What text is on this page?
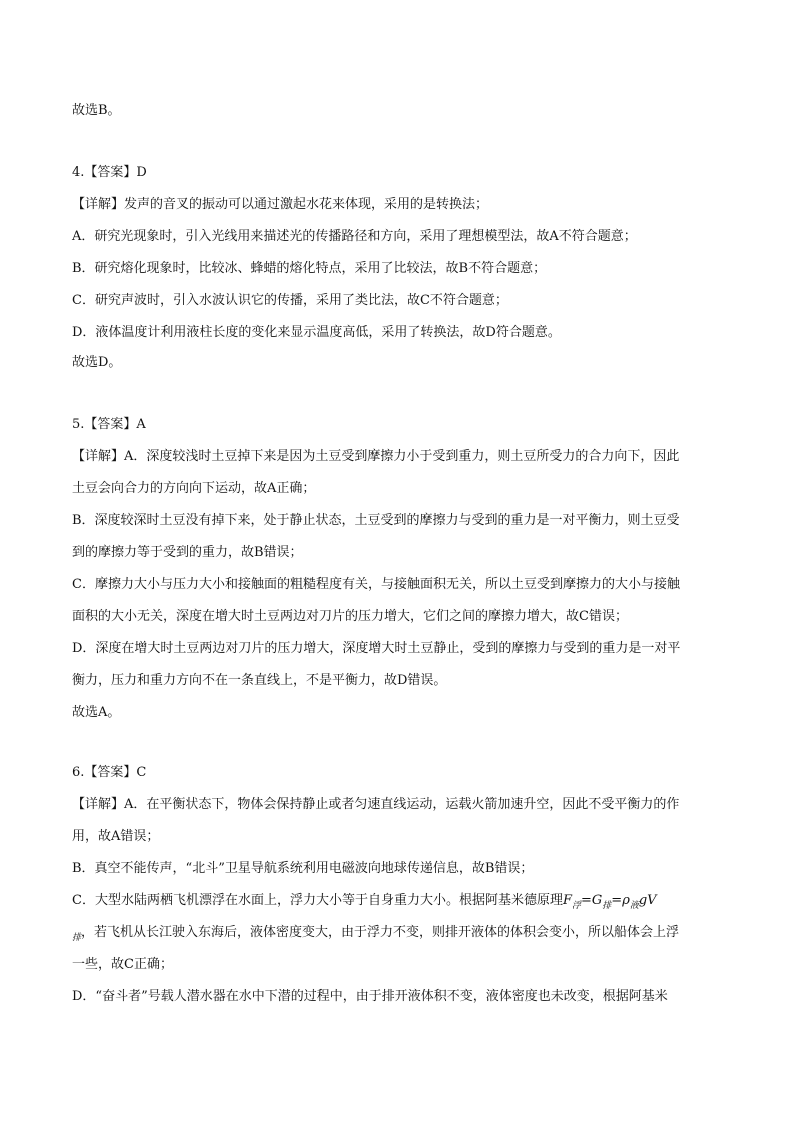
故选B。
4.【答案】D
【详解】发声的音叉的振动可以通过激起水花来体现，采用的是转换法；
A．研究光现象时，引入光线用来描述光的传播路径和方向，采用了理想模型法，故A不符合题意；
B．研究熔化现象时，比较冰、蜂蜡的熔化特点，采用了比较法，故B不符合题意；
C．研究声波时，引入水波认识它的传播，采用了类比法，故C不符合题意；
D．液体温度计利用液柱长度的变化来显示温度高低，采用了转换法，故D符合题意。
故选D。
5.【答案】A
【详解】A．深度较浅时土豆掉下来是因为土豆受到摩擦力小于受到重力，则土豆所受力的合力向下，因此
土豆会向合力的方向向下运动，故A正确；
B．深度较深时土豆没有掉下来，处于静止状态，土豆受到的摩擦力与受到的重力是一对平衡力，则土豆受
到的摩擦力等于受到的重力，故B错误；
C．摩擦力大小与压力大小和接触面的粗糙程度有关，与接触面积无关，所以土豆受到摩擦力的大小与接触
面积的大小无关，深度在增大时土豆两边对刀片的压力增大，它们之间的摩擦力增大，故C错误；
D．深度在增大时土豆两边对刀片的压力增大，深度增大时土豆静止，受到的摩擦力与受到的重力是一对平
衡力，压力和重力方向不在一条直线上，不是平衡力，故D错误。
故选A。
6.【答案】C
【详解】A．在平衡状态下，物体会保持静止或者匀速直线运动，运载火箭加速升空，因此不受平衡力的作
用，故A错误；
B．真空不能传声，“北斗”卫星导航系统利用电磁波向地球传递信息，故B错误；
C．大型水陆两栖飞机漂浮在水面上，浮力大小等于自身重力大小。根据阿基米德原理$F_浮=G_排=\rho_液gV$
$_排$，若飞机从长江驶入东海后，液体密度变大，由于浮力不变，则排开液体的体积会变小，所以船体会上浮
一些，故C正确；
D．“奋斗者”号载人潜水器在水中下潜的过程中，由于排开液体积不变，液体密度也未改变，根据阿基米
